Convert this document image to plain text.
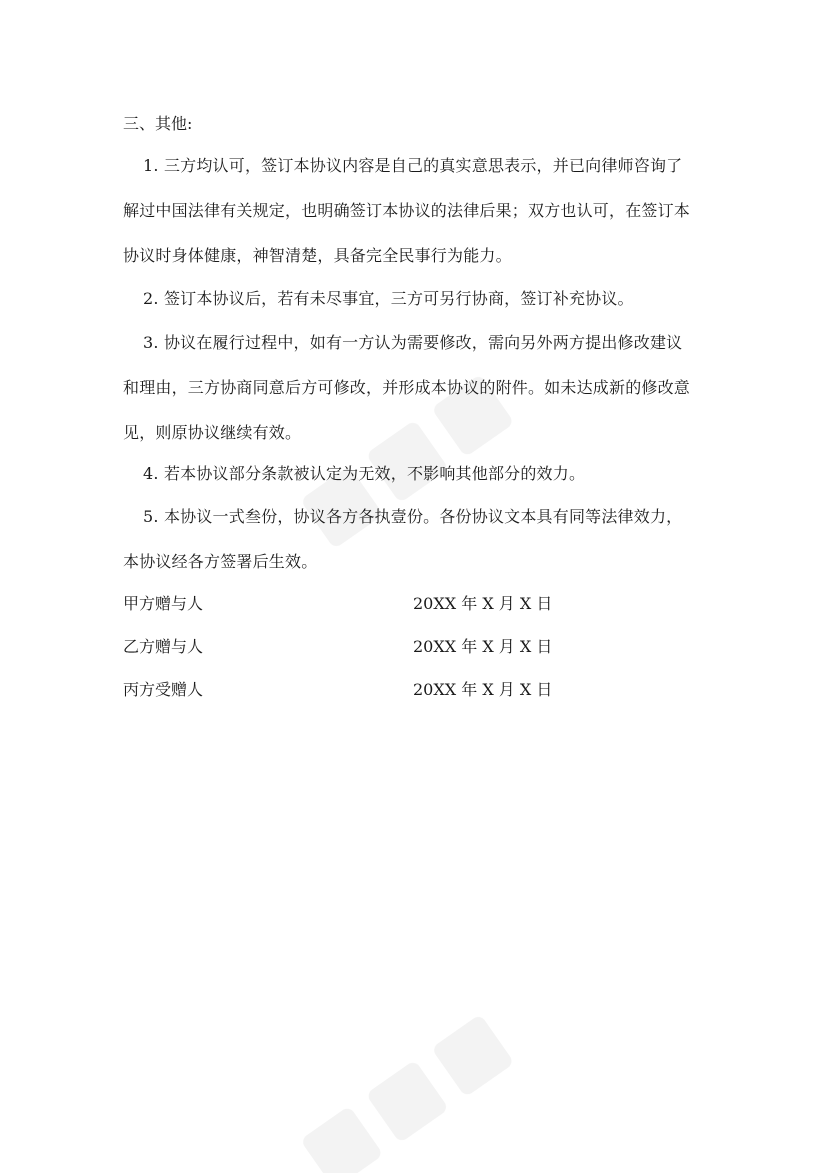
三、其他:
1. 三方均认可，签订本协议内容是自己的真实意思表示，并已向律师咨询了
解过中国法律有关规定，也明确签订本协议的法律后果；双方也认可，在签订本
协议时身体健康，神智清楚，具备完全民事行为能力。
2. 签订本协议后，若有未尽事宜，三方可另行协商，签订补充协议。
3. 协议在履行过程中，如有一方认为需要修改，需向另外两方提出修改建议
和理由，三方协商同意后方可修改，并形成本协议的附件。如未达成新的修改意
见，则原协议继续有效。
4. 若本协议部分条款被认定为无效，不影响其他部分的效力。
5. 本协议一式叁份，协议各方各执壹份。各份协议文本具有同等法律效力，
本协议经各方签署后生效。
甲方赠与人	20XX 年 X 月 X 日
乙方赠与人	20XX 年 X 月 X 日
丙方受赠人	20XX 年 X 月 X 日
